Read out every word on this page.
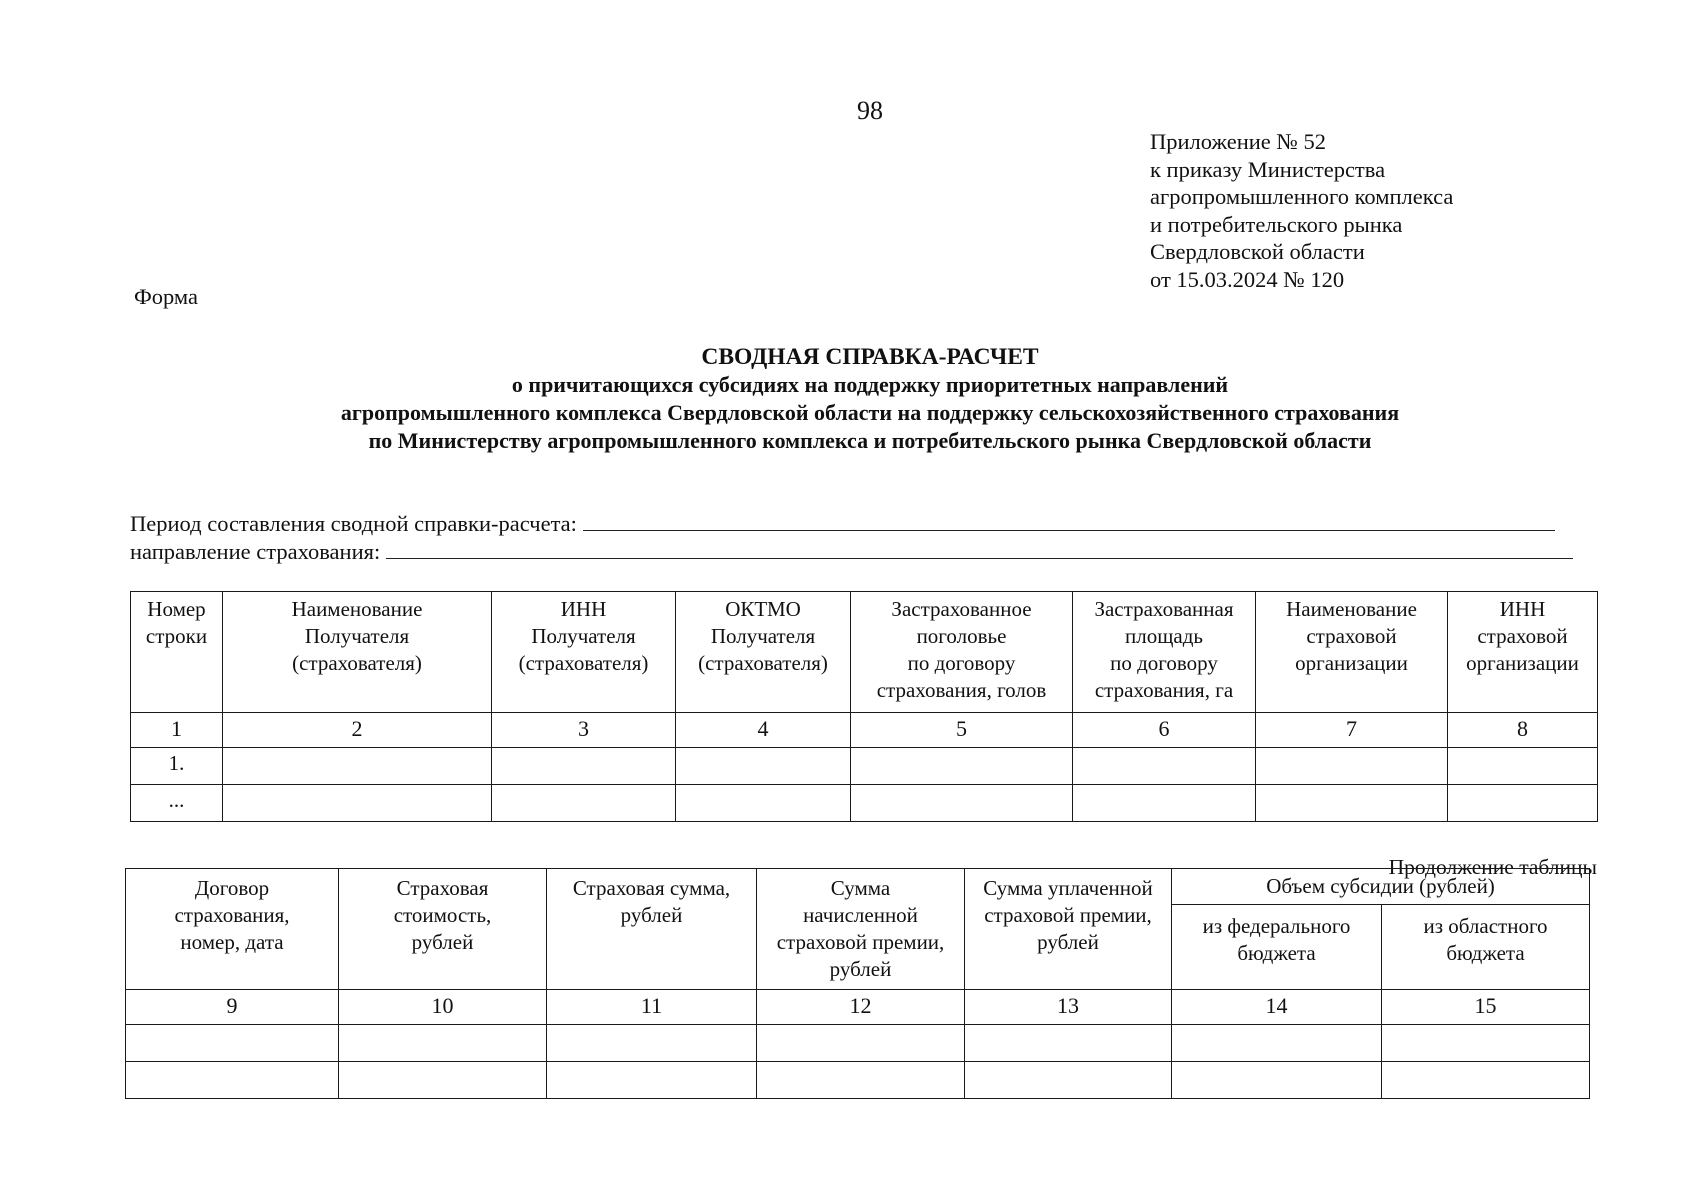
98
Приложение № 52
к приказу Министерства
агропромышленного комплекса
и потребительского рынка
Свердловской области
от 15.03.2024 № 120
Форма
СВОДНАЯ СПРАВКА-РАСЧЕТ
о причитающихся субсидиях на поддержку приоритетных направлений
агропромышленного комплекса Свердловской области на поддержку сельскохозяйственного страхования
по Министерству агропромышленного комплекса и потребительского рынка Свердловской области
Период составления сводной справки-расчета:
направление страхования:
Номер
строки	Наименование
Получателя
(страхователя)	ИНН
Получателя
(страхователя)	ОКТМО
Получателя
(страхователя)	Застрахованное
поголовье
по договору
страхования, голов	Застрахованная
площадь
по договору
страхования, га	Наименование
страховой
организации	ИНН
страховой
организации
1	2	3	4	5	6	7	8
1.							
...							
Продолжение таблицы
Договор
страхования,
номер, дата	Страховая
стоимость,
рублей	Страховая сумма,
рублей	Сумма
начисленной
страховой премии,
рублей	Сумма уплаченной
страховой премии,
рублей	Объем субсидии (рублей)	
					из федерального
бюджета	из областного
бюджета
9	10	11	12	13	14	15
